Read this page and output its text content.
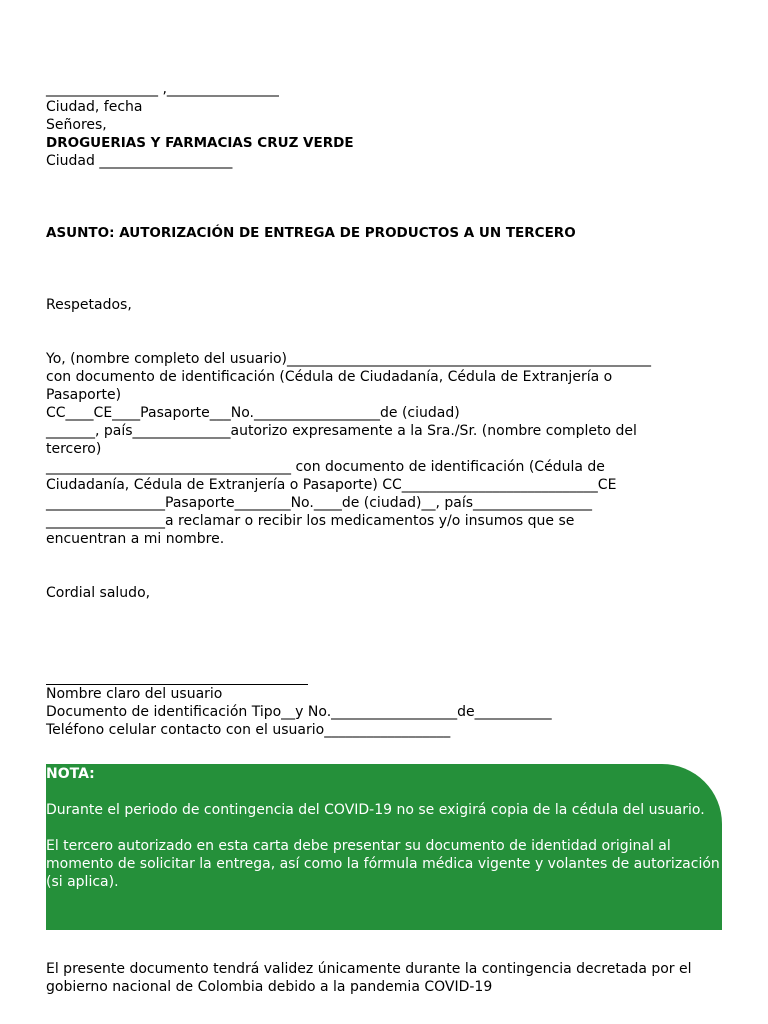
________________ ,________________
Ciudad, fecha
Señores,
DROGUERIAS Y FARMACIAS CRUZ VERDE
Ciudad ___________________
ASUNTO: AUTORIZACIÓN DE ENTREGA DE PRODUCTOS A UN TERCERO
Respetados,
Yo, (nombre completo del usuario)____________________________________________________
con documento de identificación (Cédula de Ciudadanía, Cédula de Extranjería o
Pasaporte)
CC____CE____Pasaporte___No.__________________de (ciudad)
_______, país______________autorizo expresamente a la Sra./Sr. (nombre completo del
tercero)
___________________________________ con documento de identificación (Cédula de
Ciudadanía, Cédula de Extranjería o Pasaporte) CC____________________________CE
_________________Pasaporte________No.____de (ciudad)__, país_________________
_________________a reclamar o recibir los medicamentos y/o insumos que se
encuentran a mi nombre.
Cordial saludo,
Nombre claro del usuario
Documento de identificación Tipo__y No.__________________de___________
Teléfono celular contacto con el usuario__________________

NOTA:

Durante el periodo de contingencia del COVID-19 no se exigirá copia de la cédula del usuario.

El tercero autorizado en esta carta debe presentar su documento de identidad original al momento de solicitar la entrega, así como la fórmula médica vigente y volantes de autorización (si aplica).

El presente documento tendrá validez únicamente durante la contingencia decretada por el gobierno nacional de Colombia debido a la pandemia COVID-19
